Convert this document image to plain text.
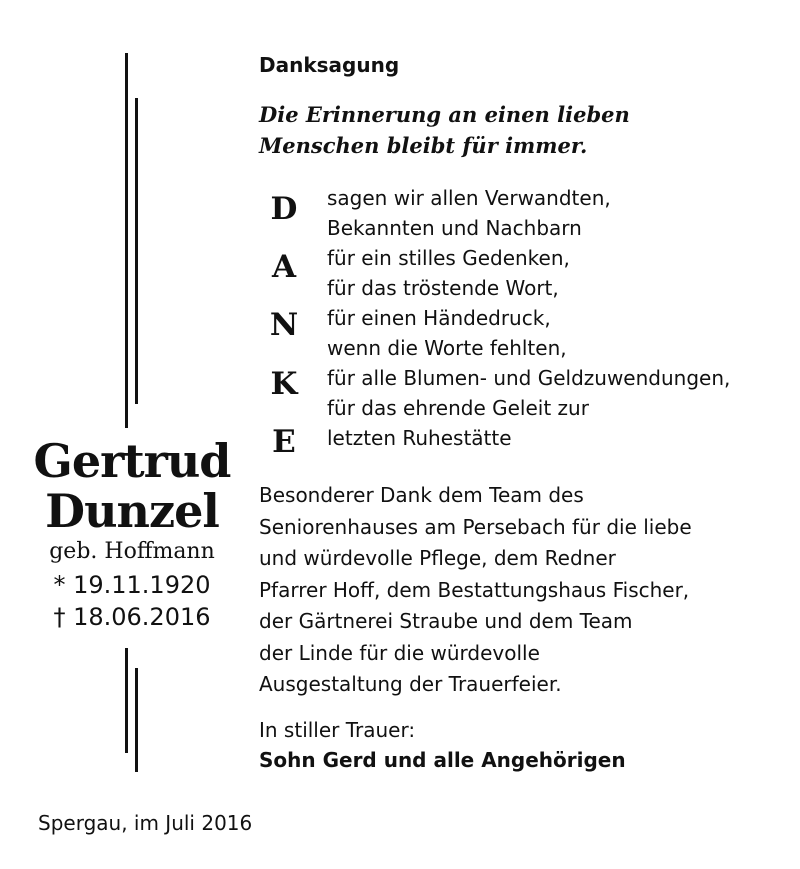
Gertrud
Dunzel
geb. Hoffmann
* 19.11.1920
† 18.06.2016
Danksagung
Die Erinnerung an einen lieben
Menschen bleibt für immer.
D
A
N
K
E
sagen wir allen Verwandten,
Bekannten und Nachbarn
für ein stilles Gedenken,
für das tröstende Wort,
für einen Händedruck,
wenn die Worte fehlten,
für alle Blumen- und Geldzuwendungen,
für das ehrende Geleit zur
letzten Ruhestätte
Besonderer Dank dem Team des
Seniorenhauses am Persebach für die liebe
und würdevolle Pflege, dem Redner
Pfarrer Hoff, dem Bestattungshaus Fischer,
der Gärtnerei Straube und dem Team
der Linde für die würdevolle
Ausgestaltung der Trauerfeier.
In stiller Trauer:
Sohn Gerd und alle Angehörigen
Spergau, im Juli 2016
